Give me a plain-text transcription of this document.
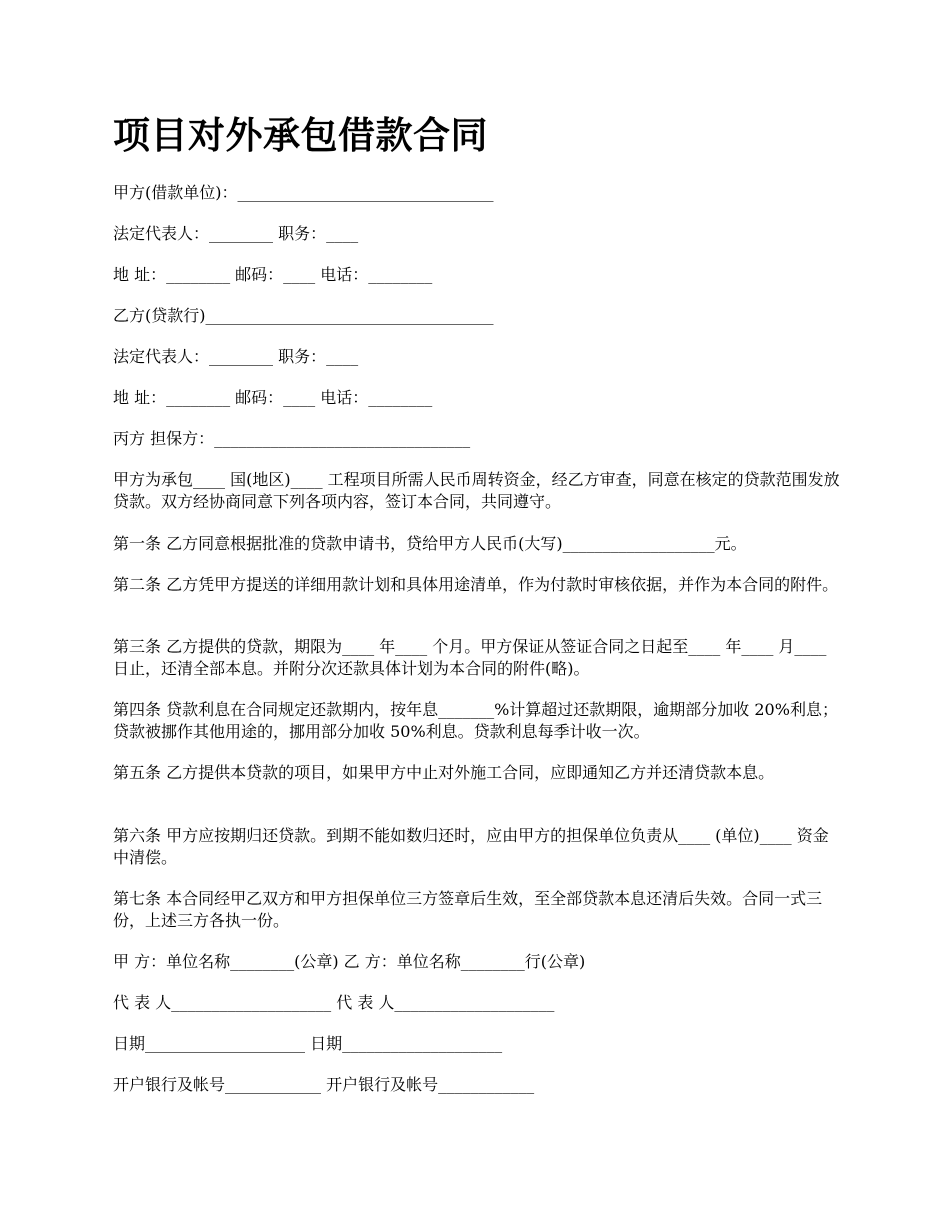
项目对外承包借款合同

甲方(借款单位)：________________________________

法定代表人：________ 职务：____

地 址：________ 邮码：____ 电话：________

乙方(贷款行)____________________________________

法定代表人：________ 职务：____

地 址：________ 邮码：____ 电话：________

丙方 担保方：________________________________

甲方为承包____ 国(地区)____ 工程项目所需人民币周转资金，经乙方审查，同意在核定的贷款范围发放贷款。双方经协商同意下列各项内容，签订本合同，共同遵守。

第一条 乙方同意根据批准的贷款申请书，贷给甲方人民币(大写)___________________元。

第二条 乙方凭甲方提送的详细用款计划和具体用途清单，作为付款时审核依据，并作为本合同的附件。

第三条 乙方提供的贷款，期限为____ 年____ 个月。甲方保证从签证合同之日起至____ 年____ 月____ 日止，还清全部本息。并附分次还款具体计划为本合同的附件(略)。

第四条 贷款利息在合同规定还款期内，按年息_______%计算超过还款期限，逾期部分加收 20%利息；贷款被挪作其他用途的，挪用部分加收 50%利息。贷款利息每季计收一次。

第五条 乙方提供本贷款的项目，如果甲方中止对外施工合同，应即通知乙方并还清贷款本息。

第六条 甲方应按期归还贷款。到期不能如数归还时，应由甲方的担保单位负责从____ (单位)____ 资金中清偿。

第七条 本合同经甲乙双方和甲方担保单位三方签章后生效，至全部贷款本息还清后失效。合同一式三份，上述三方各执一份。

甲 方：单位名称________(公章) 乙 方：单位名称________行(公章)

代 表 人____________________ 代 表 人____________________

日期____________________ 日期____________________

开户银行及帐号____________ 开户银行及帐号____________
